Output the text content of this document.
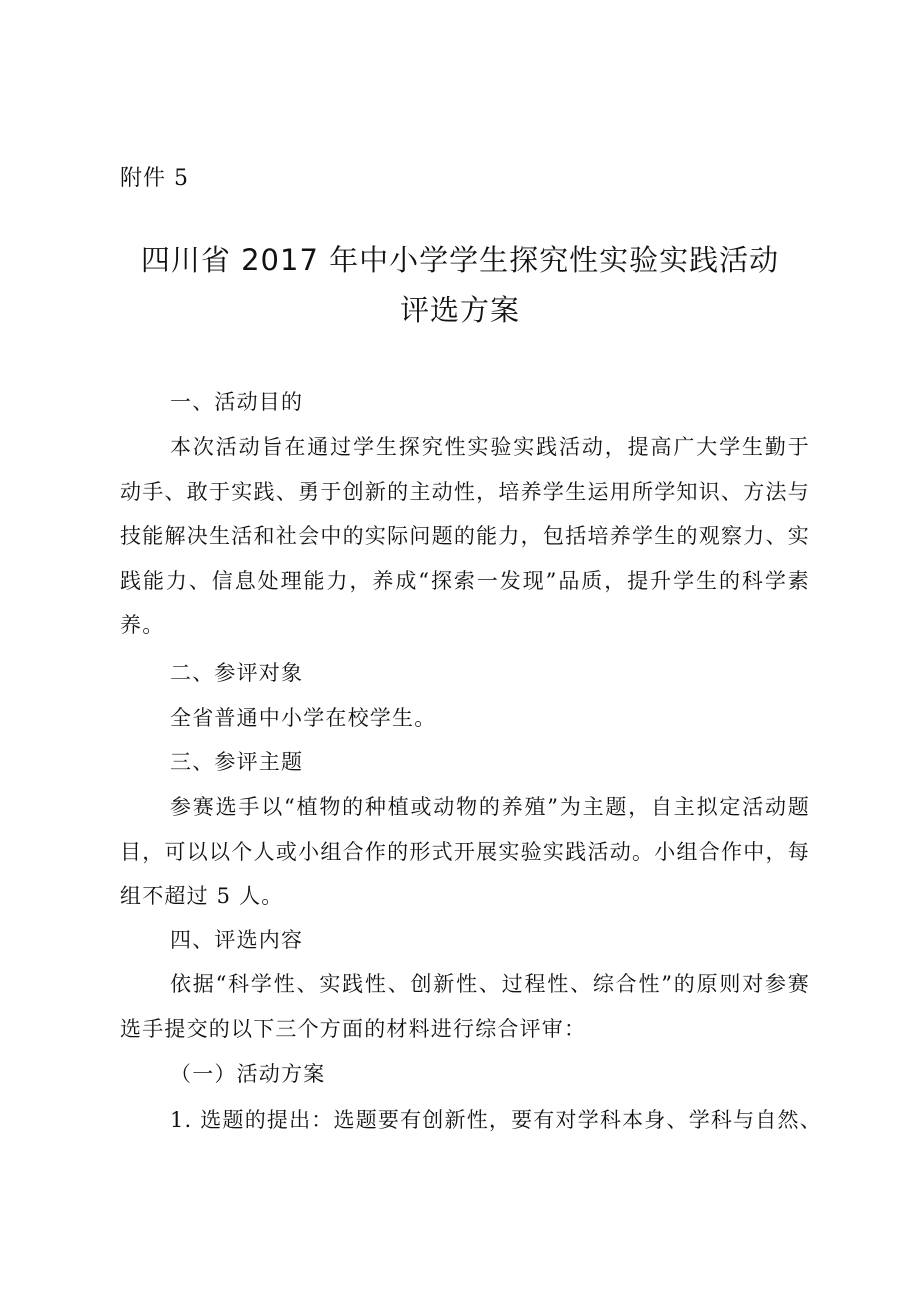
附件 5
四川省 2017 年中小学学生探究性实验实践活动
评选方案
一、活动目的
本次活动旨在通过学生探究性实验实践活动，提高广大学生勤于动手、敢于实践、勇于创新的主动性，培养学生运用所学知识、方法与技能解决生活和社会中的实际问题的能力，包括培养学生的观察力、实践能力、信息处理能力，养成“探索一发现”品质，提升学生的科学素养。
二、参评对象
全省普通中小学在校学生。
三、参评主题
参赛选手以“植物的种植或动物的养殖”为主题，自主拟定活动题目，可以以个人或小组合作的形式开展实验实践活动。小组合作中，每组不超过 5 人。
四、评选内容
依据“科学性、实践性、创新性、过程性、综合性”的原则对参赛选手提交的以下三个方面的材料进行综合评审：
（一）活动方案
1. 选题的提出：选题要有创新性，要有对学科本身、学科与自然、
